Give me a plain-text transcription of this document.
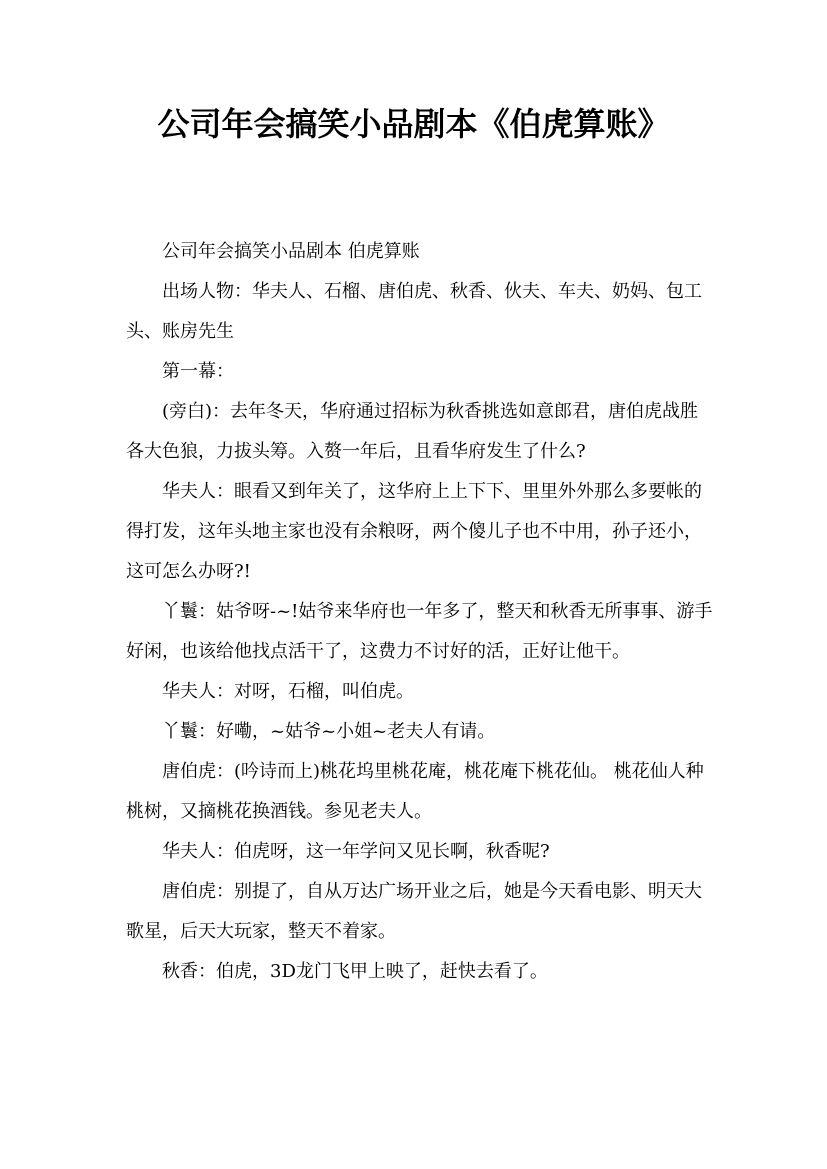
公司年会搞笑小品剧本《伯虎算账》

公司年会搞笑小品剧本 伯虎算账

出场人物：华夫人、石榴、唐伯虎、秋香、伙夫、车夫、奶妈、包工头、账房先生

第一幕：

(旁白)：去年冬天，华府通过招标为秋香挑选如意郎君，唐伯虎战胜各大色狼，力拔头筹。入赘一年后，且看华府发生了什么?

华夫人：眼看又到年关了，这华府上上下下、里里外外那么多要帐的得打发，这年头地主家也没有余粮呀，两个傻儿子也不中用，孙子还小，这可怎么办呀?!

丫鬟：姑爷呀-~!姑爷来华府也一年多了，整天和秋香无所事事、游手好闲，也该给他找点活干了，这费力不讨好的活，正好让他干。

华夫人：对呀，石榴，叫伯虎。

丫鬟：好嘞，~姑爷~小姐~老夫人有请。

唐伯虎：(吟诗而上)桃花坞里桃花庵，桃花庵下桃花仙。 桃花仙人种桃树，又摘桃花换酒钱。参见老夫人。

华夫人：伯虎呀，这一年学问又见长啊，秋香呢?

唐伯虎：别提了，自从万达广场开业之后，她是今天看电影、明天大歌星，后天大玩家，整天不着家。

秋香：伯虎，3D龙门飞甲上映了，赶快去看了。
